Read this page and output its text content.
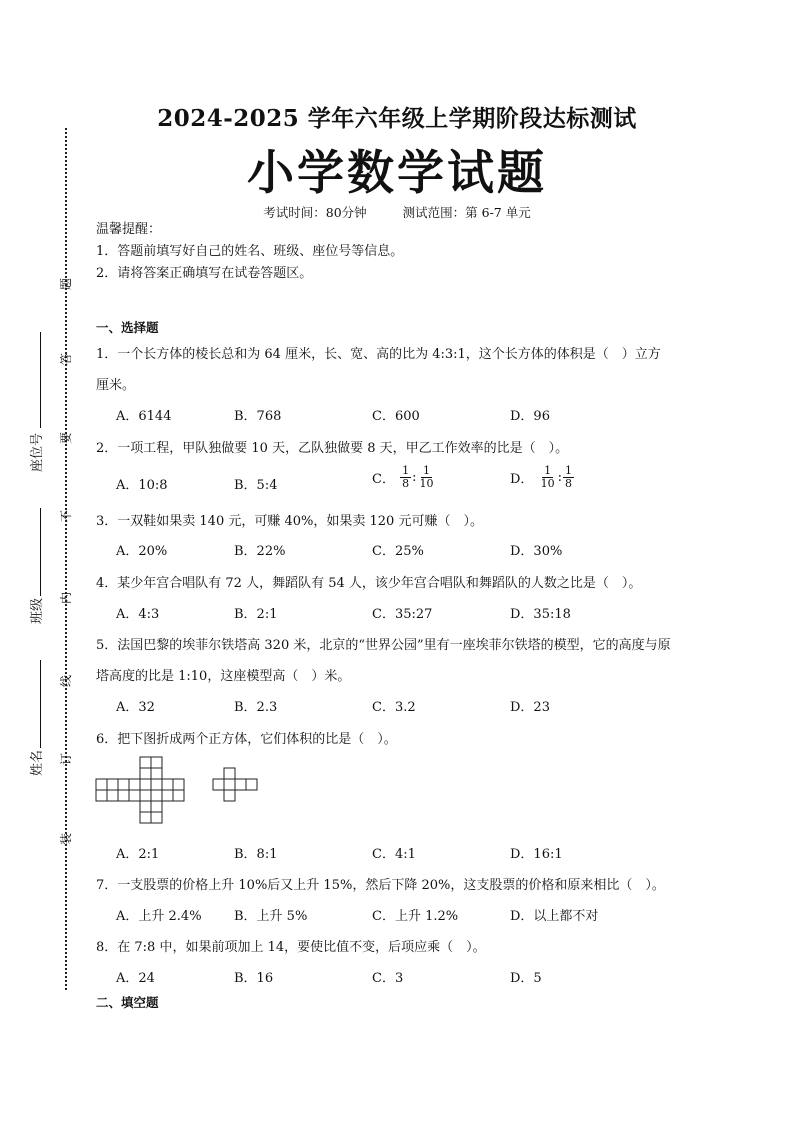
题
答
要
不
内
线
订
装
座位号
班级
姓名
2024-2025 学年六年级上学期阶段达标测试
小学数学试题
考试时间：80分钟	测试范围：第 6-7 单元
温馨提醒：
1．答题前填写好自己的姓名、班级、座位号等信息。
2．请将答案正确填写在试卷答题区。
一、选择题
1．一个长方体的棱长总和为 64 厘米，长、宽、高的比为 4:3:1，这个长方体的体积是（　）立方
厘米。
A．6144	B．768	C．600	D．96
2．一项工程，甲队独做要 10 天，乙队独做要 8 天，甲乙工作效率的比是（　）。
A．10:8	B．5:4	C． $\frac{1}{8}$ : $\frac{1}{10}$	D． $\frac{1}{10}$ : $\frac{1}{8}$
3．一双鞋如果卖 140 元，可赚 40%，如果卖 120 元可赚（　）。
A．20%	B．22%	C．25%	D．30%
4．某少年宫合唱队有 72 人，舞蹈队有 54 人，该少年宫合唱队和舞蹈队的人数之比是（　）。
A．4:3	B．2:1	C．35:27	D．35:18
5．法国巴黎的埃菲尔铁塔高 320 米，北京的“世界公园”里有一座埃菲尔铁塔的模型，它的高度与原
塔高度的比是 1:10，这座模型高（　）米。
A．32	B．2.3	C．3.2	D．23
6．把下图折成两个正方体，它们体积的比是（　）。
A．2:1	B．8:1	C．4:1	D．16:1
7．一支股票的价格上升 10%后又上升 15%，然后下降 20%，这支股票的价格和原来相比（　）。
A．上升 2.4% B．上升 5%	C．上升 1.2%	D．以上都不对
8．在 7:8 中，如果前项加上 14，要使比值不变，后项应乘（　）。
A．24	B．16	C．3	D．5
二、填空题
